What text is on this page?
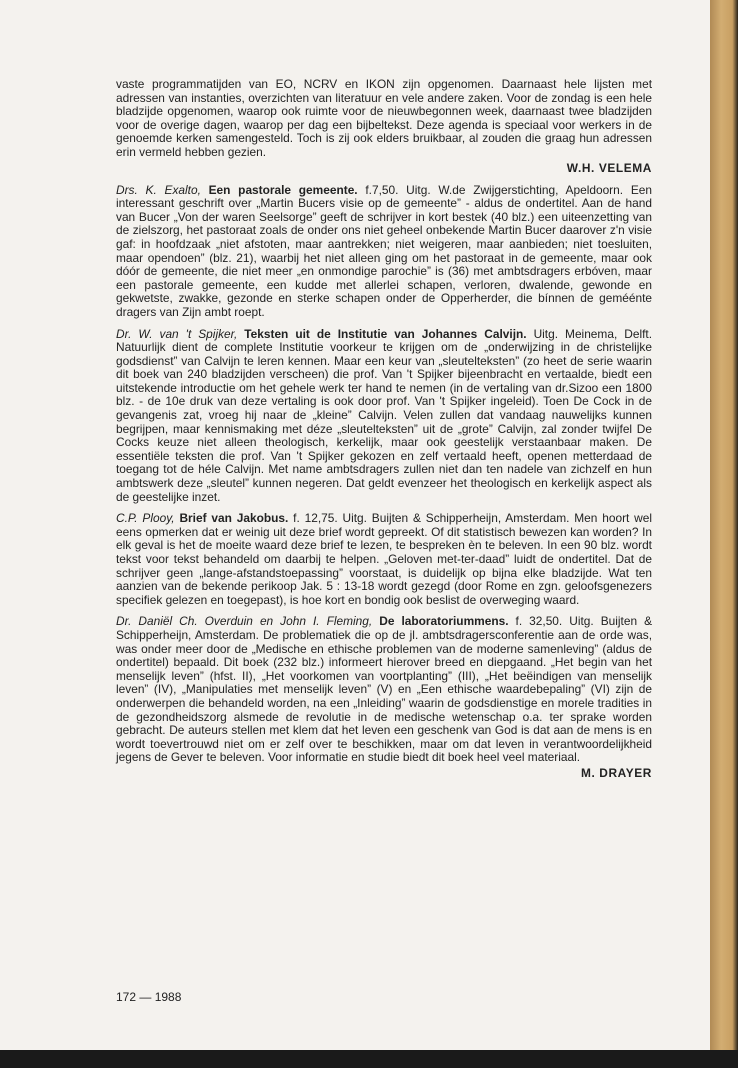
vaste programmatijden van EO, NCRV en IKON zijn opgenomen. Daarnaast hele lijsten met adressen van instanties, overzichten van literatuur en vele andere zaken. Voor de zondag is een hele bladzijde opgenomen, waarop ook ruimte voor de nieuwbegonnen week, daarnaast twee bladzijden voor de overige dagen, waarop per dag een bijbeltekst. Deze agenda is speciaal voor werkers in de genoemde kerken samengesteld. Toch is zij ook elders bruikbaar, al zouden die graag hun adressen erin vermeld hebben gezien.

W.H. VELEMA

Drs. K. Exalto, Een pastorale gemeente. f.7,50. Uitg. W.de Zwijgerstichting, Apeldoorn. Een interessant geschrift over „Martin Bucers visie op de gemeente” - aldus de ondertitel. Aan de hand van Bucer „Von der waren Seelsorge” geeft de schrijver in kort bestek (40 blz.) een uiteenzetting van de zielszorg, het pastoraat zoals de onder ons niet geheel onbekende Martin Bucer daarover z'n visie gaf: in hoofdzaak „niet afstoten, maar aantrekken; niet weigeren, maar aanbieden; niet toesluiten, maar opendoen” (blz. 21), waarbij het niet alleen ging om het pastoraat in de gemeente, maar ook dóór de gemeente, die niet meer „en onmondige parochie” is (36) met ambtsdragers erbóven, maar een pastorale gemeente, een kudde met allerlei schapen, verloren, dwalende, gewonde en gekwetste, zwakke, gezonde en sterke schapen onder de Opperherder, die bínnen de geméénte dragers van Zijn ambt roept.

Dr. W. van 't Spijker, Teksten uit de Institutie van Johannes Calvijn. Uitg. Meinema, Delft. Natuurlijk dient de complete Institutie voorkeur te krijgen om de „onderwijzing in de christelijke godsdienst” van Calvijn te leren kennen. Maar een keur van „sleutelteksten” (zo heet de serie waarin dit boek van 240 bladzijden verscheen) die prof. Van 't Spijker bijeenbracht en vertaalde, biedt een uitstekende introductie om het gehele werk ter hand te nemen (in de vertaling van dr.Sizoo een 1800 blz. - de 10e druk van deze vertaling is ook door prof. Van 't Spijker ingeleid). Toen De Cock in de gevangenis zat, vroeg hij naar de „kleine” Calvijn. Velen zullen dat vandaag nauwelijks kunnen begrijpen, maar kennismaking met déze „sleutelteksten” uit de „grote” Calvijn, zal zonder twijfel De Cocks keuze niet alleen theologisch, kerkelijk, maar ook geestelijk verstaanbaar maken. De essentiële teksten die prof. Van 't Spijker gekozen en zelf vertaald heeft, openen metterdaad de toegang tot de héle Calvijn. Met name ambtsdragers zullen niet dan ten nadele van zichzelf en hun ambtswerk deze „sleutel” kunnen negeren. Dat geldt evenzeer het theologisch en kerkelijk aspect als de geestelijke inzet.

C.P. Plooy, Brief van Jakobus. f. 12,75. Uitg. Buijten & Schipperheijn, Amsterdam. Men hoort wel eens opmerken dat er weinig uit deze brief wordt gepreekt. Of dit statistisch bewezen kan worden? In elk geval is het de moeite waard deze brief te lezen, te bespreken èn te beleven. In een 90 blz. wordt tekst voor tekst behandeld om daarbij te helpen. „Geloven met-ter-daad” luidt de ondertitel. Dat de schrijver geen „lange-afstandstoepassing” voorstaat, is duidelijk op bijna elke bladzijde. Wat ten aanzien van de bekende perikoop Jak. 5 : 13-18 wordt gezegd (door Rome en zgn. geloofsgenezers specifiek gelezen en toegepast), is hoe kort en bondig ook beslist de overweging waard.

Dr. Daniël Ch. Overduin en John I. Fleming, De laboratoriummens. f. 32,50. Uitg. Buijten & Schipperheijn, Amsterdam. De problematiek die op de jl. ambtsdragersconferentie aan de orde was, was onder meer door de „Medische en ethische problemen van de moderne samenleving” (aldus de ondertitel) bepaald. Dit boek (232 blz.) informeert hierover breed en diepgaand. „Het begin van het menselijk leven” (hfst. II), „Het voorkomen van voortplanting” (III), „Het beëindigen van menselijk leven” (IV), „Manipulaties met menselijk leven” (V) en „Een ethische waardebepaling” (VI) zijn de onderwerpen die behandeld worden, na een „Inleiding” waarin de godsdienstige en morele tradities in de gezondheidszorg alsmede de revolutie in de medische wetenschap o.a. ter sprake worden gebracht. De auteurs stellen met klem dat het leven een geschenk van God is dat aan de mens is en wordt toevertrouwd niet om er zelf over te beschikken, maar om dat leven in verantwoordelijkheid jegens de Gever te beleven. Voor informatie en studie biedt dit boek heel veel materiaal.

M. DRAYER

172 — 1988
